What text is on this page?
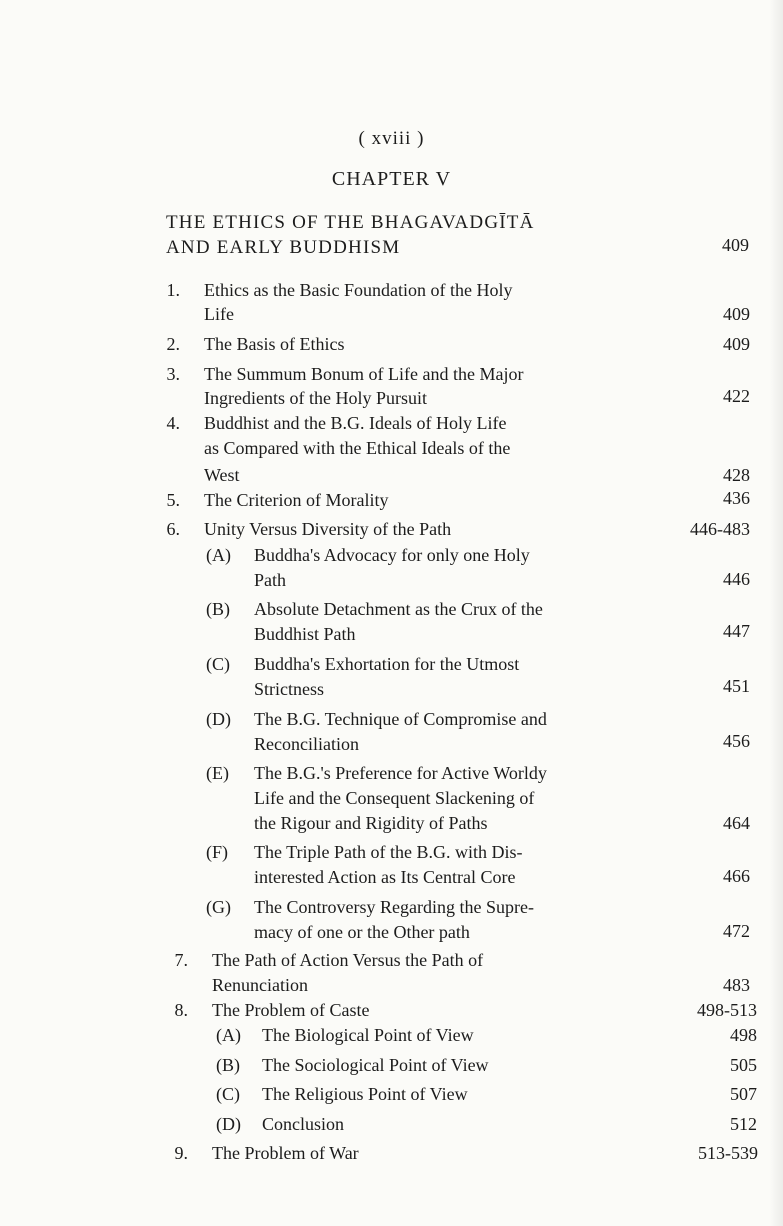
( xviii )
CHAPTER V
THE ETHICS OF THE BHAGAVADGĪTĀ
AND EARLY BUDDHISM	409
1. Ethics as the Basic Foundation of the Holy
Life	409
2. The Basis of Ethics	409
3. The Summum Bonum of Life and the Major
Ingredients of the Holy Pursuit	422
4. Buddhist and the B.G. Ideals of Holy Life
as Compared with the Ethical Ideals of the
West	428
5. The Criterion of Morality	436
6. Unity Versus Diversity of the Path	446-483
(A) Buddha's Advocacy for only one Holy
Path	446
(B) Absolute Detachment as the Crux of the
Buddhist Path	447
(C) Buddha's Exhortation for the Utmost
Strictness	451
(D) The B.G. Technique of Compromise and
Reconciliation	456
(E) The B.G.'s Preference for Active Worldy
Life and the Consequent Slackening of
the Rigour and Rigidity of Paths	464
(F) The Triple Path of the B.G. with Dis-
interested Action as Its Central Core	466
(G) The Controversy Regarding the Supre-
macy of one or the Other path	472
7. The Path of Action Versus the Path of
Renunciation	483
8. The Problem of Caste	498-513
(A) The Biological Point of View	498
(B) The Sociological Point of View	505
(C) The Religious Point of View	507
(D) Conclusion	512
9. The Problem of War	513-539
